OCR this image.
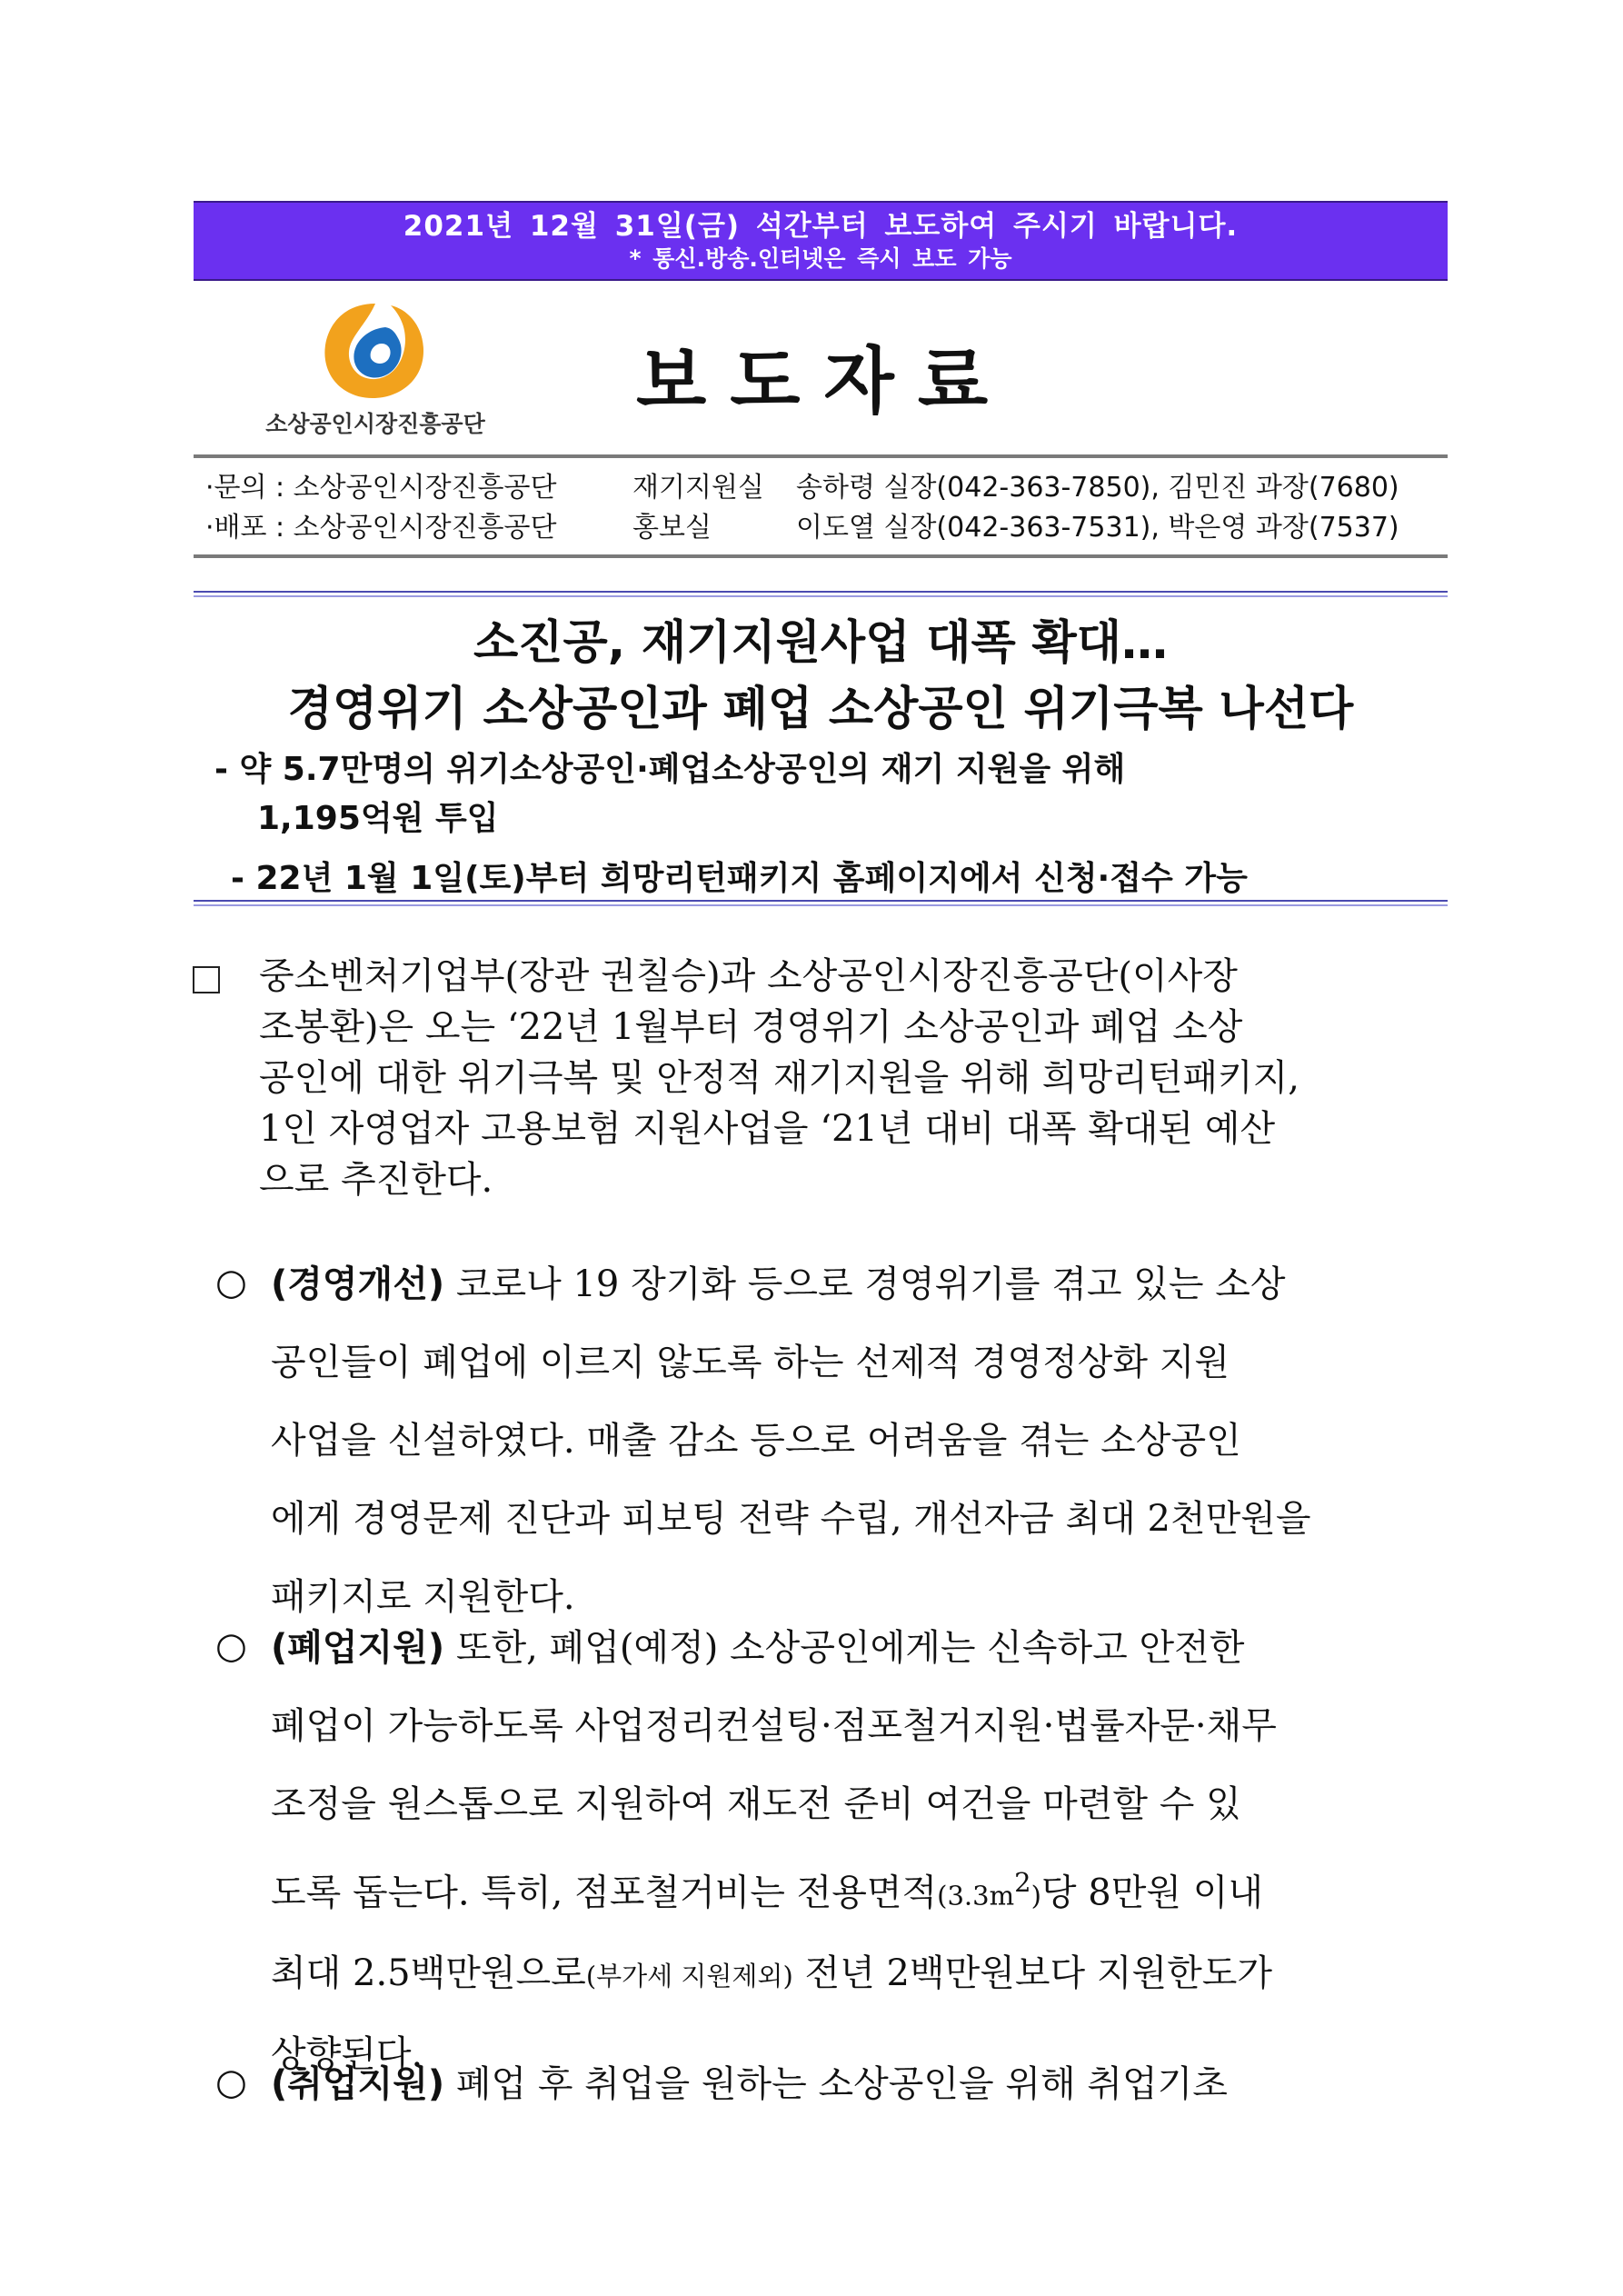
2021년 12월 31일(금) 석간부터 보도하여 주시기 바랍니다.
* 통신.방송.인터넷은 즉시 보도 가능
소상공인시장진흥공단
보도자료
·문의 : 소상공인시장진흥공단	재기지원실 송하령 실장(042-363-7850), 김민진 과장(7680)
·배포 : 소상공인시장진흥공단	홍보실	이도열 실장(042-363-7531), 박은영 과장(7537)
소진공, 재기지원사업 대폭 확대…
경영위기 소상공인과 폐업 소상공인 위기극복 나선다
- 약 5.7만명의 위기소상공인·폐업소상공인의 재기 지원을 위해
1,195억원 투입
- 22년 1월 1일(토)부터 희망리턴패키지 홈페이지에서 신청·접수 가능
중소벤처기업부(장관 권칠승)과 소상공인시장진흥공단(이사장
조봉환)은 오는 ‘22년 1월부터 경영위기 소상공인과 폐업 소상
공인에 대한 위기극복 및 안정적 재기지원을 위해 희망리턴패키지,
1인 자영업자 고용보험 지원사업을 ‘21년 대비 대폭 확대된 예산
으로 추진한다.
○ (경영개선) 코로나 19 장기화 등으로 경영위기를 겪고 있는 소상
공인들이 폐업에 이르지 않도록 하는 선제적 경영정상화 지원
사업을 신설하였다. 매출 감소 등으로 어려움을 겪는 소상공인
에게 경영문제 진단과 피보팅 전략 수립, 개선자금 최대 2천만원을
패키지로 지원한다.
○ (폐업지원) 또한, 폐업(예정) 소상공인에게는 신속하고 안전한
폐업이 가능하도록 사업정리컨설팅·점포철거지원·법률자문·채무
조정을 원스톱으로 지원하여 재도전 준비 여건을 마련할 수 있
도록 돕는다. 특히, 점포철거비는 전용면적$(3.3m^2)$당 8만원 이내
최대 2.5백만원으로(부가세 지원제외) 전년 2백만원보다 지원한도가
상향된다.
○ (취업지원) 폐업 후 취업을 원하는 소상공인을 위해 취업기초
